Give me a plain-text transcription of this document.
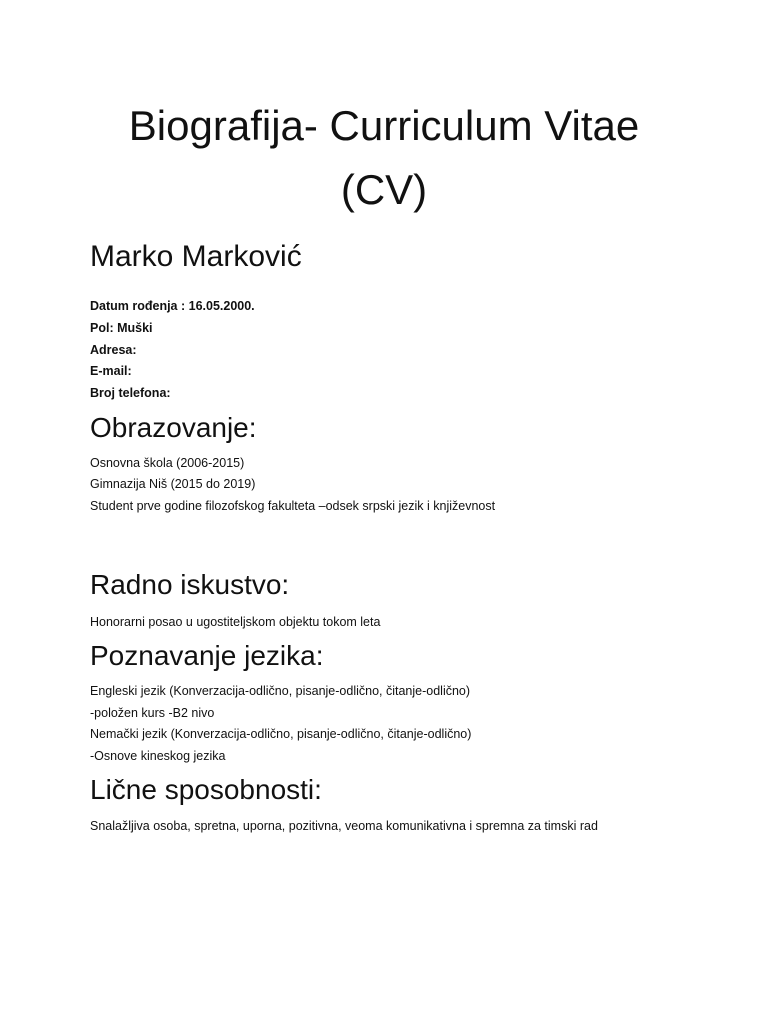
Biografija- Curriculum Vitae
(CV)
Marko Marković

Datum rođenja : 16.05.2000.

Pol: Muški

Adresa:

E-mail:

Broj telefona:

Obrazovanje:

Osnovna škola (2006-2015)

Gimnazija Niš (2015 do 2019)

Student prve godine filozofskog fakulteta –odsek srpski jezik i književnost

Radno iskustvo:

Honorarni posao u ugostiteljskom objektu tokom leta

Poznavanje jezika:

Engleski jezik (Konverzacija-odlično, pisanje-odlično, čitanje-odlično)

-položen kurs -B2 nivo

Nemački jezik (Konverzacija-odlično, pisanje-odlično, čitanje-odlično)

-Osnove kineskog jezika

Lične sposobnosti:

Snalažljiva osoba, spretna, uporna, pozitivna, veoma komunikativna i spremna za timski rad
